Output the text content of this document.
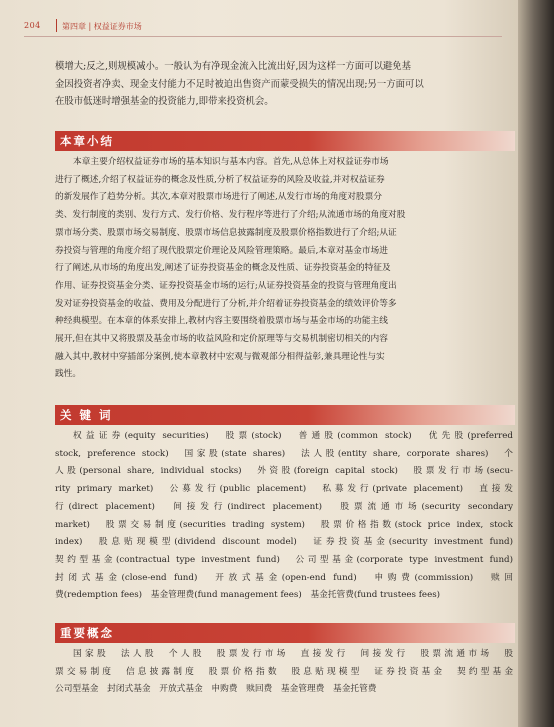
204	第四章 | 权益证券市场
模增大;反之,则规模减小。一般认为有净现金流入比流出好,因为这样一方面可以避免基
金因投资者净卖、现金支付能力不足时被迫出售资产而蒙受损失的情况出现;另一方面可以
在股市低迷时增强基金的投资能力,即带来投资机会。
本章小结
本章主要介绍权益证券市场的基本知识与基本内容。首先,从总体上对权益证券市场
进行了概述,介绍了权益证券的概念及性质,分析了权益证券的风险及收益,并对权益证券
的新发展作了趋势分析。其次,本章对股票市场进行了阐述,从发行市场的角度对股票分
类、发行制度的类别、发行方式、发行价格、发行程序等进行了介绍;从流通市场的角度对股
票市场分类、股票市场交易制度、股票市场信息披露制度及股票价格指数进行了介绍;从证
券投资与管理的角度介绍了现代股票定价理论及风险管理策略。最后,本章对基金市场进
行了阐述,从市场的角度出发,阐述了证券投资基金的概念及性质、证券投资基金的特征及
作用、证券投资基金分类、证券投资基金市场的运行;从证券投资基金的投资与管理角度出
发对证券投资基金的收益、费用及分配进行了分析,并介绍着证券投资基金的绩效评价等多
种经典模型。在本章的体系安排上,教材内容主要围绕着股票市场与基金市场的功能主线
展开,但在其中又将股票及基金市场的收益风险和定价原理等与交易机制密切相关的内容
融入其中,教材中穿插部分案例,使本章教材中宏观与微观部分相得益彰,兼具理论性与实
践性。
关 键 词
权益证券(equity securities)　股票(stock)　普通股(common stock)　优先股(preferred
stock, preference stock)　国家股(state shares)　法人股(entity share, corporate shares)　个
人股(personal share, individual stocks)　外资股(foreign capital stock)　股票发行市场(secu-
rity primary market)　公募发行(public placement)　私募发行(private placement)　直接发
行(direct placement)　间接发行(indirect placement)　股票流通市场(security secondary
market)　股票交易制度(securities trading system)　股票价格指数(stock price index, stock
index)　股息贴现模型(dividend discount model)　证券投资基金(security investment fund)
契约型基金(contractual type investment fund)　公司型基金(corporate type investment fund)
封闭式基金(close-end fund)　开放式基金(open-end fund)　申购费(commission)　赎回
费(redemption fees)　基金管理费(fund management fees)　基金托管费(fund trustees fees)
重要概念
国家股　法人股　个人股　股票发行市场　直接发行　间接发行　股票流通市场　股
票交易制度　信息披露制度　股票价格指数　股息贴现模型　证券投资基金　契约型基金
公司型基金　封闭式基金　开放式基金　申购费　赎回费　基金管理费　基金托管费
